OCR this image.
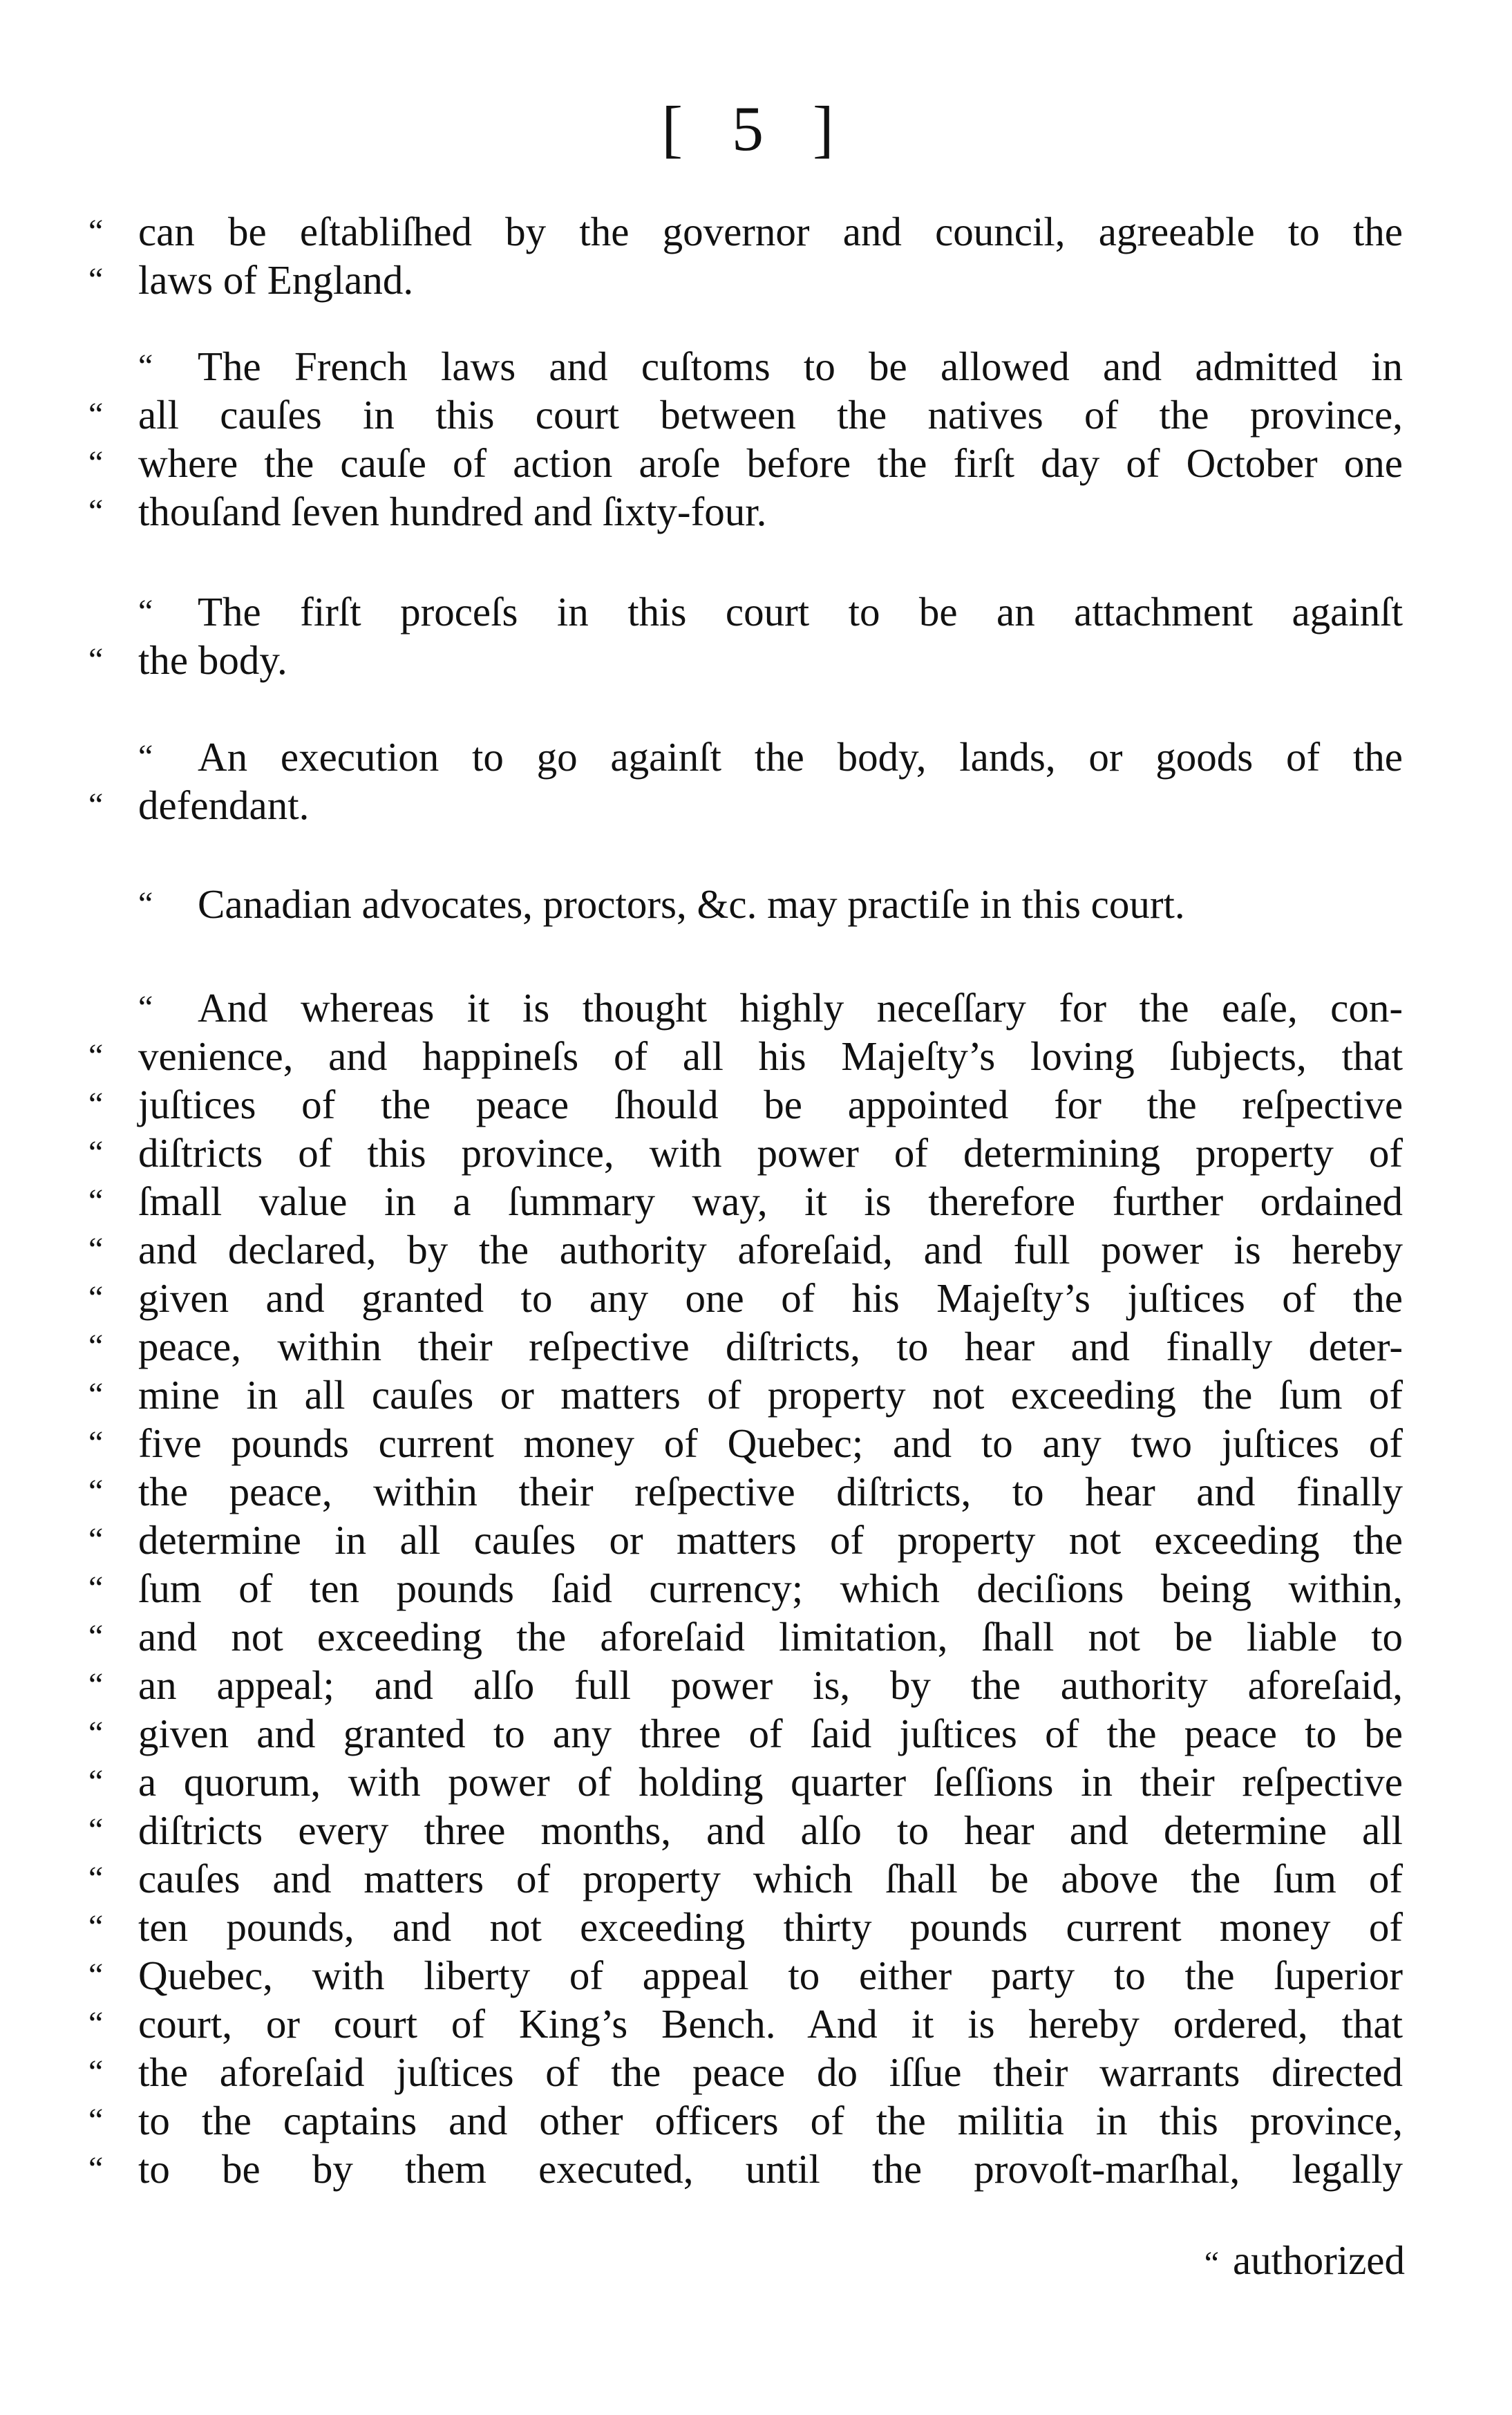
[ 5 ]
“ can be eſtabliſhed by the governor and council, agreeable to the
“ laws of England.
“ The French laws and cuſtoms to be allowed and admitted in
“ all cauſes in this court between the natives of the province,
“ where the cauſe of action aroſe before the firſt day of October one
“ thouſand ſeven hundred and ſixty-four.
“ The firſt proceſs in this court to be an attachment againſt
“ the body.
“ An execution to go againſt the body, lands, or goods of the
“ defendant.
“ Canadian advocates, proctors, &c. may practiſe in this court.
“ And whereas it is thought highly neceſſary for the eaſe, con-
“ venience, and happineſs of all his Majeſty’s loving ſubjects, that
“ juſtices of the peace ſhould be appointed for the reſpective
“ diſtricts of this province, with power of determining property of
“ ſmall value in a ſummary way, it is therefore further ordained
“ and declared, by the authority aforeſaid, and full power is hereby
“ given and granted to any one of his Majeſty’s juſtices of the
“ peace, within their reſpective diſtricts, to hear and finally deter-
“ mine in all cauſes or matters of property not exceeding the ſum of
“ five pounds current money of Quebec; and to any two juſtices of
“ the peace, within their reſpective diſtricts, to hear and finally
“ determine in all cauſes or matters of property not exceeding the
“ ſum of ten pounds ſaid currency; which deciſions being within,
“ and not exceeding the aforeſaid limitation, ſhall not be liable to
“ an appeal; and alſo full power is, by the authority aforeſaid,
“ given and granted to any three of ſaid juſtices of the peace to be
“ a quorum, with power of holding quarter ſeſſions in their reſpective
“ diſtricts every three months, and alſo to hear and determine all
“ cauſes and matters of property which ſhall be above the ſum of
“ ten pounds, and not exceeding thirty pounds current money of
“ Quebec, with liberty of appeal to either party to the ſuperior
“ court, or court of King’s Bench. And it is hereby ordered, that
“ the aforeſaid juſtices of the peace do iſſue their warrants directed
“ to the captains and other officers of the militia in this province,
“ to be by them executed, until the provoſt-marſhal, legally
“ authorized
